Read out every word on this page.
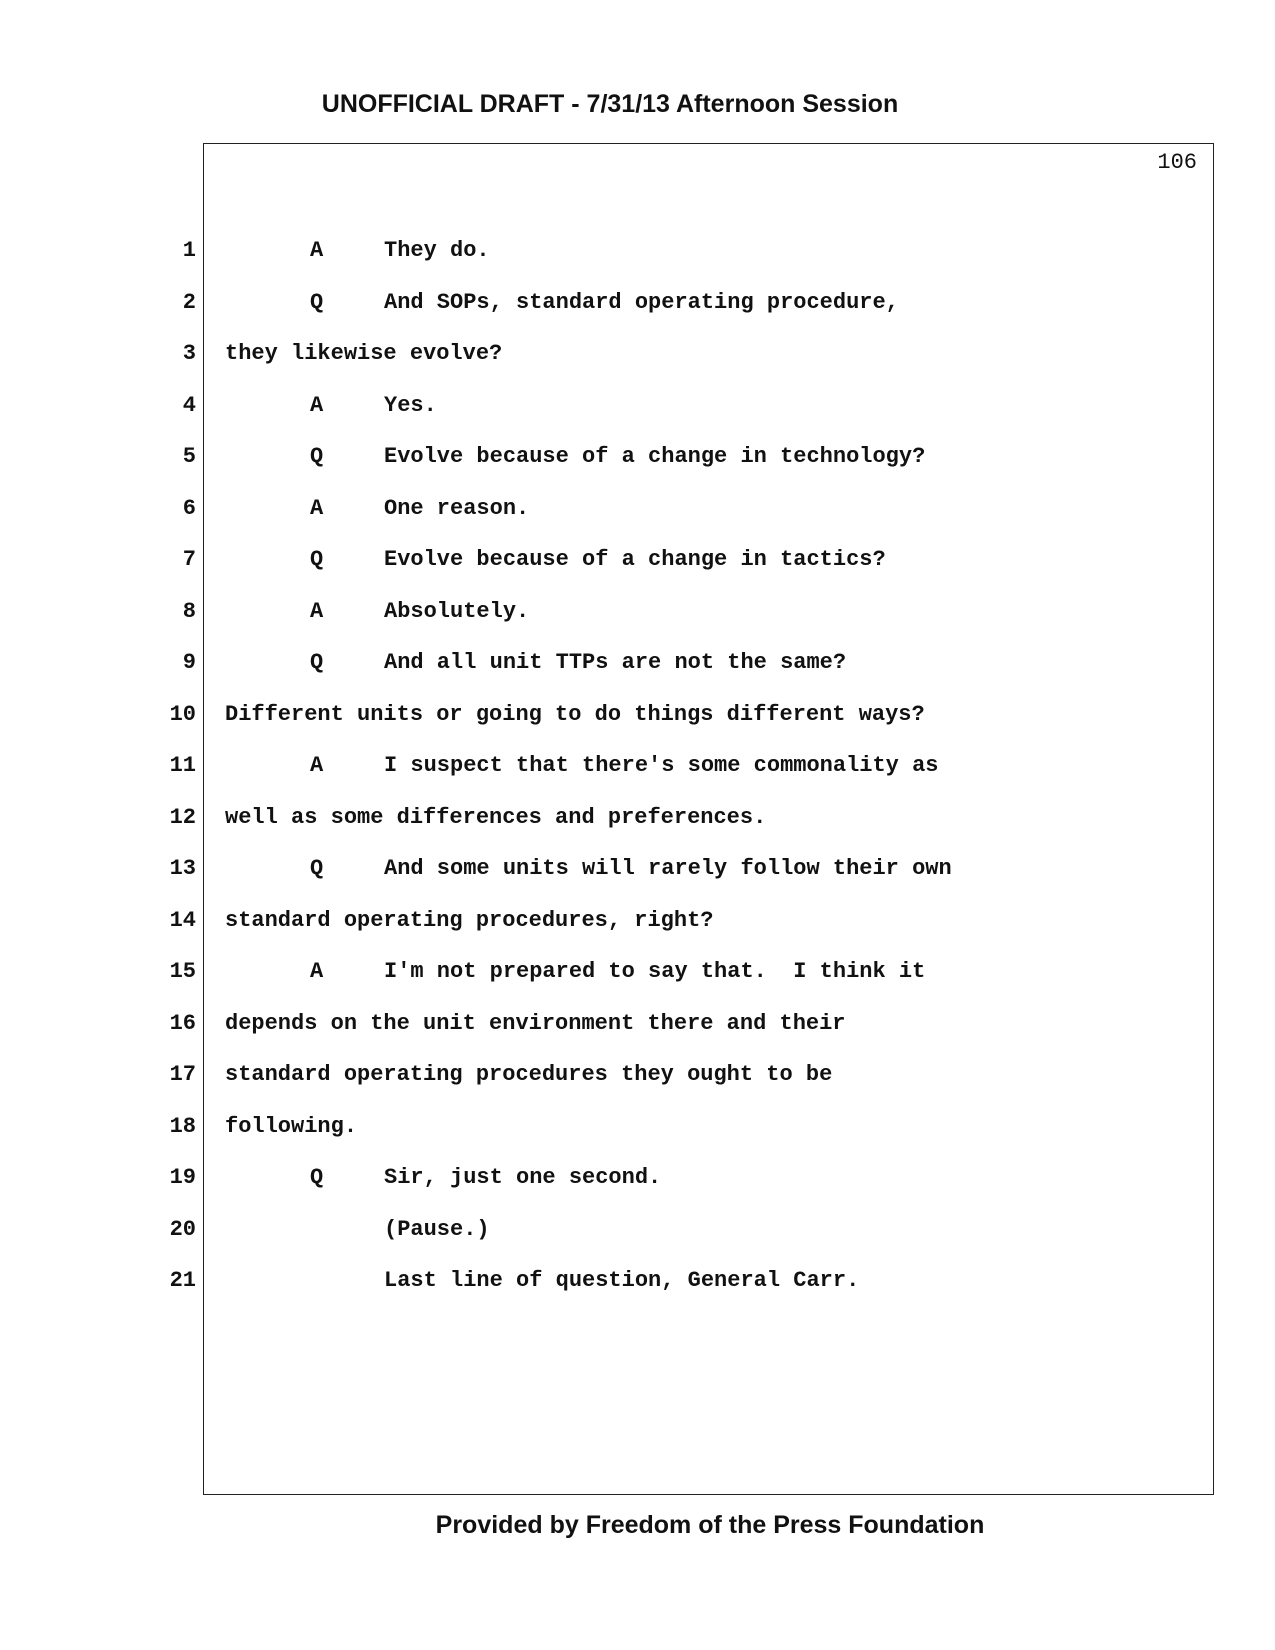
UNOFFICIAL DRAFT - 7/31/13 Afternoon Session
106
1	A	They do.
2	Q	And SOPs, standard operating procedure,
3 they likewise evolve?
4	A	Yes.
5	Q	Evolve because of a change in technology?
6	A	One reason.
7	Q	Evolve because of a change in tactics?
8	A	Absolutely.
9	Q	And all unit TTPs are not the same?
10 Different units or going to do things different ways?
11	A	I suspect that there's some commonality as
12 well as some differences and preferences.
13	Q	And some units will rarely follow their own
14 standard operating procedures, right?
15	A	I'm not prepared to say that.  I think it
16 depends on the unit environment there and their
17 standard operating procedures they ought to be
18 following.
19	Q	Sir, just one second.
20	(Pause.)
21	Last line of question, General Carr.
Provided by Freedom of the Press Foundation
